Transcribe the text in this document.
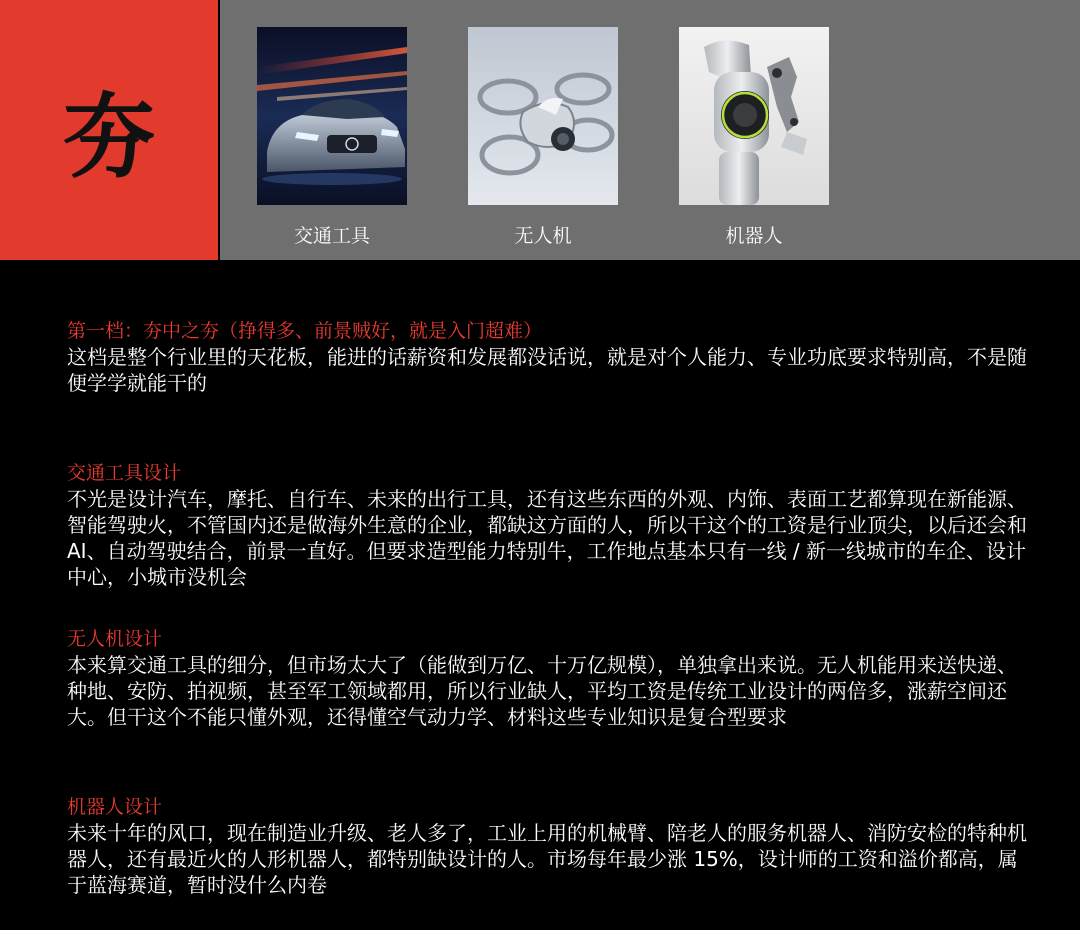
夯
交通工具	无人机	机器人
第一档：夯中之夯（挣得多、前景贼好，就是入门超难）
这档是整个行业里的天花板，能进的话薪资和发展都没话说，就是对个人能力、专业功底要求特别高，不是随便学学就能干的
交通工具设计
不光是设计汽车，摩托、自行车、未来的出行工具，还有这些东西的外观、内饰、表面工艺都算现在新能源、智能驾驶火，不管国内还是做海外生意的企业，都缺这方面的人，所以干这个的工资是行业顶尖，以后还会和 AI、自动驾驶结合，前景一直好。但要求造型能力特别牛，工作地点基本只有一线 / 新一线城市的车企、设计中心，小城市没机会
无人机设计
本来算交通工具的细分，但市场太大了（能做到万亿、十万亿规模），单独拿出来说。无人机能用来送快递、种地、安防、拍视频，甚至军工领域都用，所以行业缺人，平均工资是传统工业设计的两倍多，涨薪空间还大。但干这个不能只懂外观，还得懂空气动力学、材料这些专业知识是复合型要求
机器人设计
未来十年的风口，现在制造业升级、老人多了，工业上用的机械臂、陪老人的服务机器人、消防安检的特种机器人，还有最近火的人形机器人，都特别缺设计的人。市场每年最少涨 15%，设计师的工资和溢价都高，属于蓝海赛道，暂时没什么内卷
